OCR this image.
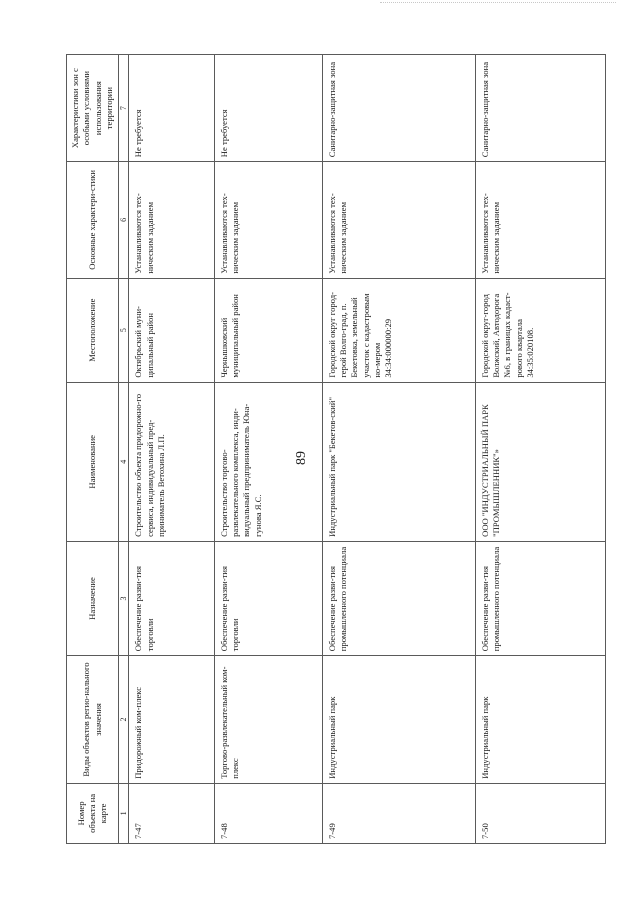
89
Номер объекта на карте	Виды объектов регио-нального значения	Назначение	Наименование	Местоположение	Основные характери-стики	Характеристики зон с особыми условиями использования территории
1	2	3	4	5	6	7
7-47	Придорожный ком-плекс	Обеспечение разви-тия торговли	Строительство объекта придорожно-го сервиса, индивидуальный пред-приниматель Ветохина Л.П.	Октябрьский муни-ципальный район	Устанавливаются тех-ническим заданием	Не требуется
7-48	Торгово-развлекательный ком-плекс	Обеспечение разви-тия торговли	Строительство торгово-развлекательного комплекса, инди-видуальный предприниматель Юна-гунова Я.С.	Чернышковский муниципальный район	Устанавливаются тех-ническим заданием	Не требуется
7-49	Индустриальный парк	Обеспечение разви-тия промышленного потенциала	Индустриальный парк "Бекетов-ский"	Городской округ город-герой Волго-град, п. Бекетовка, земельный участок с кадастровым но-мером 34:34:000000:29	Устанавливаются тех-ническим заданием	Санитарно-защитная зона
7-50	Индустриальный парк	Обеспечение разви-тия промышленного потенциала	ООО "ИНДУСТРИАЛЬНЫЙ ПАРК "ПРОМЫШЛЕННИК"»	Городской округ-город Волжский, Автодорога №6, в границах кадаст-рового квартала 34:35:020108.	Устанавливаются тех-ническим заданием	Санитарно-защитная зона
